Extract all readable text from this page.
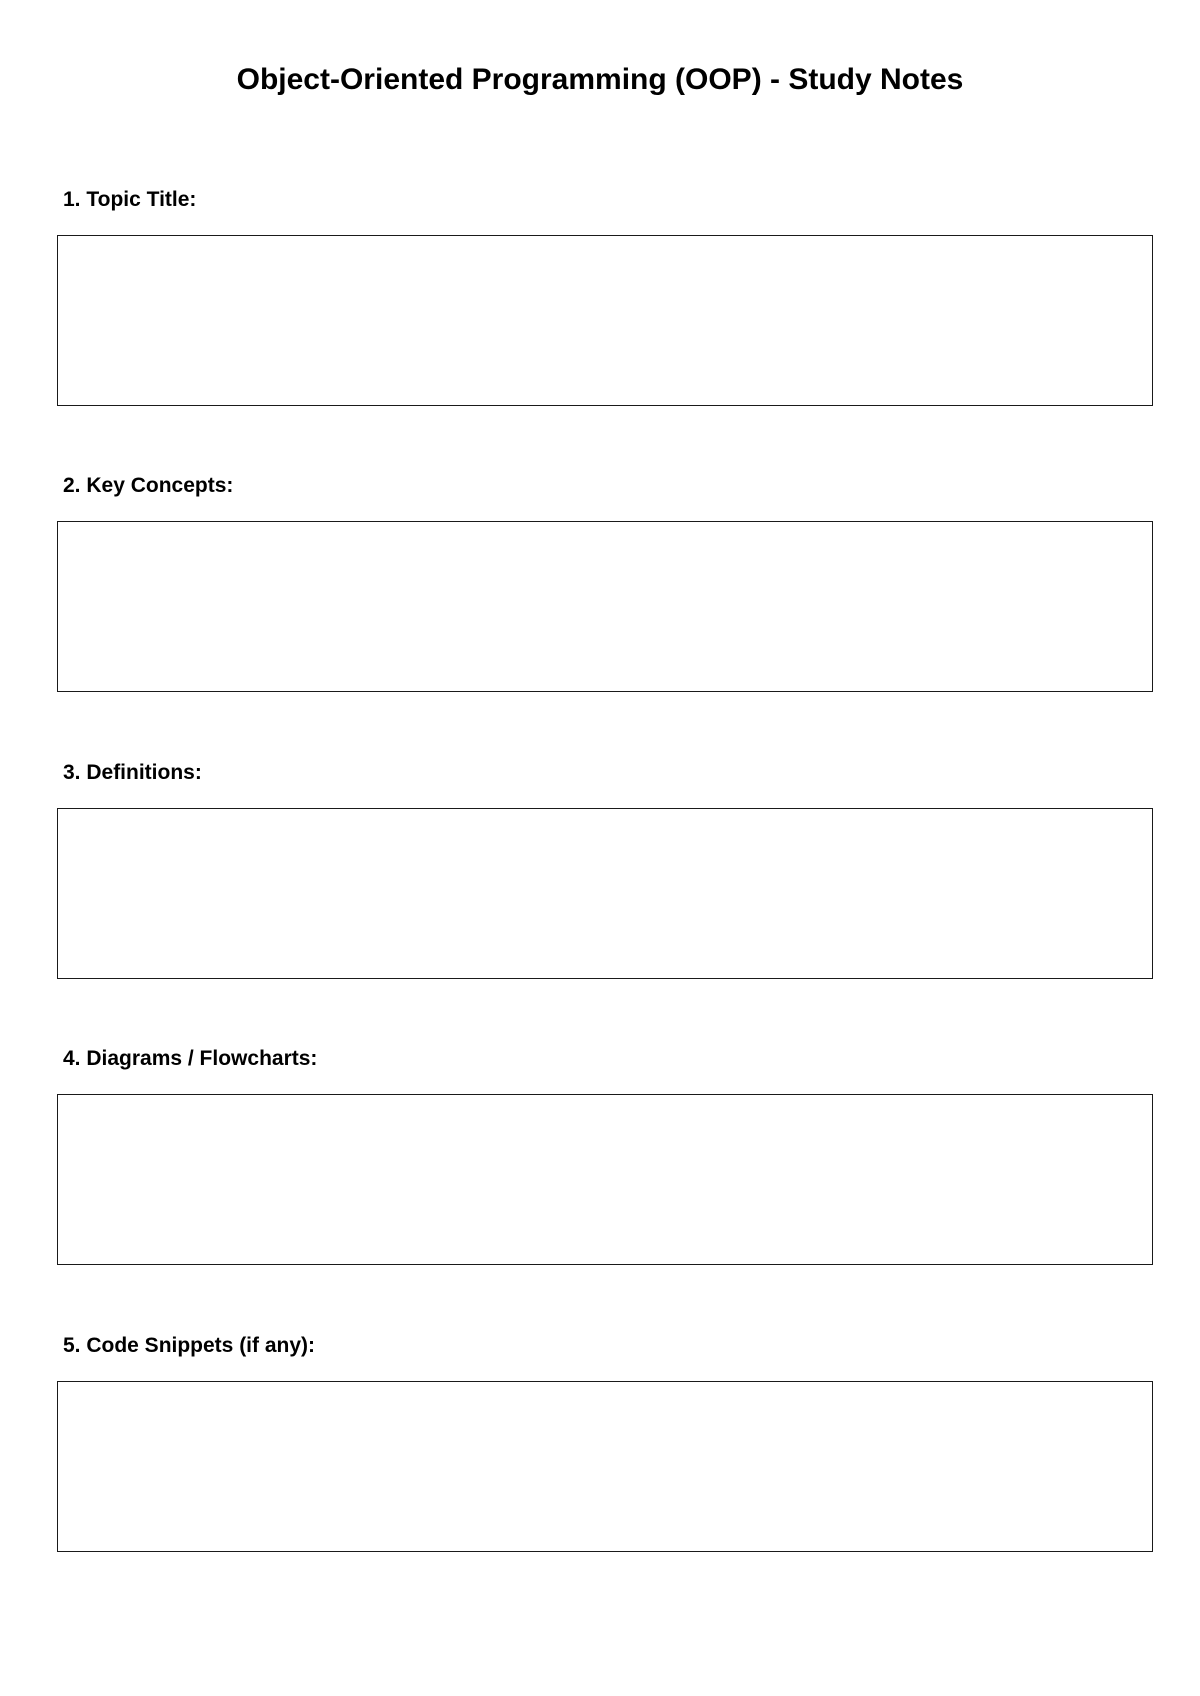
Object-Oriented Programming (OOP) - Study Notes
1. Topic Title:
2. Key Concepts:
3. Definitions:
4. Diagrams / Flowcharts:
5. Code Snippets (if any):
